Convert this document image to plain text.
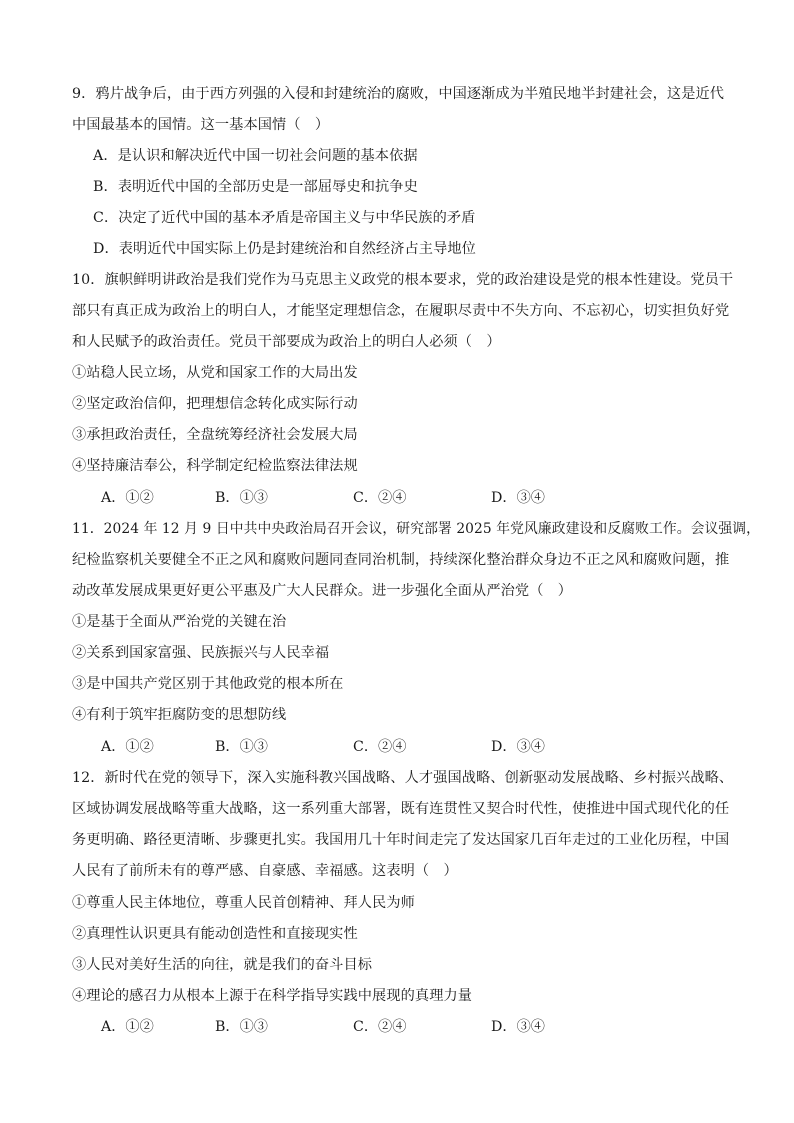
9．鸦片战争后，由于西方列强的入侵和封建统治的腐败，中国逐渐成为半殖民地半封建社会，这是近代
中国最基本的国情。这一基本国情（　）
A．是认识和解决近代中国一切社会问题的基本依据
B．表明近代中国的全部历史是一部屈辱史和抗争史
C．决定了近代中国的基本矛盾是帝国主义与中华民族的矛盾
D．表明近代中国实际上仍是封建统治和自然经济占主导地位
10．旗帜鲜明讲政治是我们党作为马克思主义政党的根本要求，党的政治建设是党的根本性建设。党员干
部只有真正成为政治上的明白人，才能坚定理想信念，在履职尽责中不失方向、不忘初心，切实担负好党
和人民赋予的政治责任。党员干部要成为政治上的明白人必须（　）
①站稳人民立场，从党和国家工作的大局出发
②坚定政治信仰，把理想信念转化成实际行动
③承担政治责任，全盘统筹经济社会发展大局
④坚持廉洁奉公，科学制定纪检监察法律法规
A．①②	B．①③	C．②④	D．③④
11．2024 年 12 月 9 日中共中央政治局召开会议，研究部署 2025 年党风廉政建设和反腐败工作。会议强调，
纪检监察机关要健全不正之风和腐败问题同查同治机制，持续深化整治群众身边不正之风和腐败问题，推
动改革发展成果更好更公平惠及广大人民群众。进一步强化全面从严治党（　）
①是基于全面从严治党的关键在治
②关系到国家富强、民族振兴与人民幸福
③是中国共产党区别于其他政党的根本所在
④有利于筑牢拒腐防变的思想防线
A．①②	B．①③	C．②④	D．③④
12．新时代在党的领导下，深入实施科教兴国战略、人才强国战略、创新驱动发展战略、乡村振兴战略、
区域协调发展战略等重大战略，这一系列重大部署，既有连贯性又契合时代性，使推进中国式现代化的任
务更明确、路径更清晰、步骤更扎实。我国用几十年时间走完了发达国家几百年走过的工业化历程，中国
人民有了前所未有的尊严感、自豪感、幸福感。这表明（　）
①尊重人民主体地位，尊重人民首创精神、拜人民为师
②真理性认识更具有能动创造性和直接现实性
③人民对美好生活的向往，就是我们的奋斗目标
④理论的感召力从根本上源于在科学指导实践中展现的真理力量
A．①②	B．①③	C．②④	D．③④
